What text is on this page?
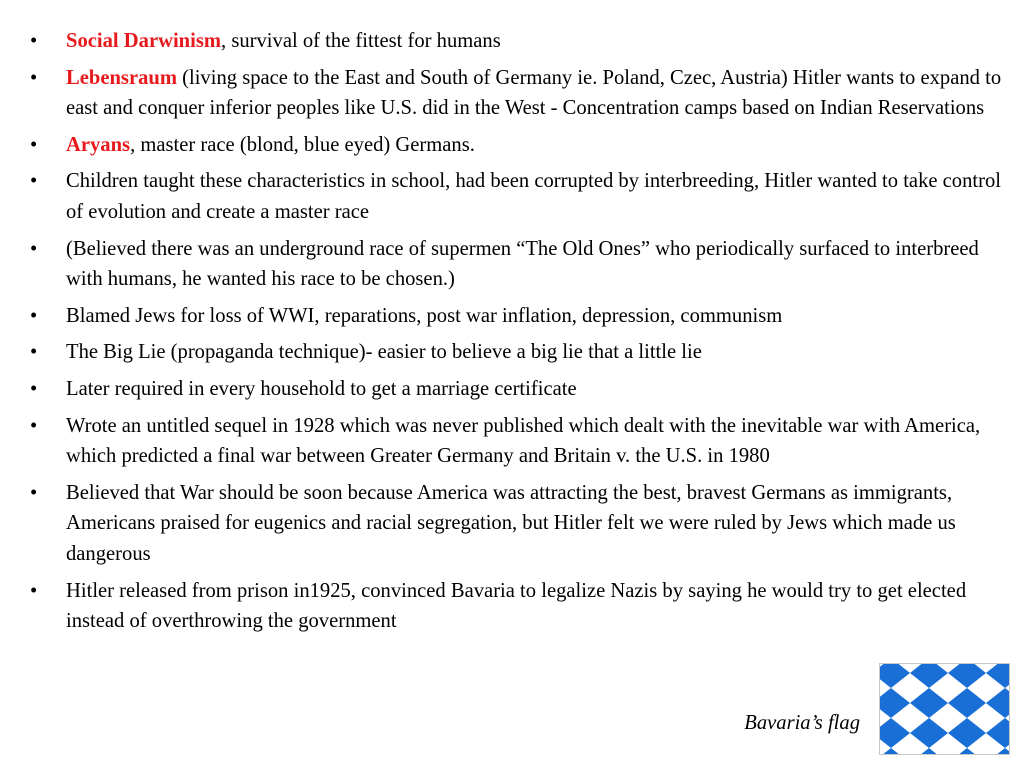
• Social Darwinism, survival of the fittest for humans
• Lebensraum (living space to the East and South of Germany ie. Poland, Czec, Austria) Hitler wants to expand to east and conquer inferior peoples like U.S. did in the West - Concentration camps based on Indian Reservations
• Aryans, master race (blond, blue eyed) Germans.
• Children taught these characteristics in school, had been corrupted by interbreeding, Hitler wanted to take control of evolution and create a master race
• (Believed there was an underground race of supermen “The Old Ones” who periodically surfaced to interbreed with humans, he wanted his race to be chosen.)
• Blamed Jews for loss of WWI, reparations, post war inflation, depression, communism
• The Big Lie (propaganda technique)- easier to believe a big lie that a little lie
• Later required in every household to get a marriage certificate
• Wrote an untitled sequel in 1928 which was never published which dealt with the inevitable war with America, which predicted a final war between Greater Germany and Britain v. the U.S. in 1980
• Believed that War should be soon because America was attracting the best, bravest Germans as immigrants, Americans praised for eugenics and racial segregation, but Hitler felt we were ruled by Jews which made us dangerous
• Hitler released from prison in1925, convinced Bavaria to legalize Nazis by saying he would try to get elected instead of overthrowing the government
Bavaria’s flag
